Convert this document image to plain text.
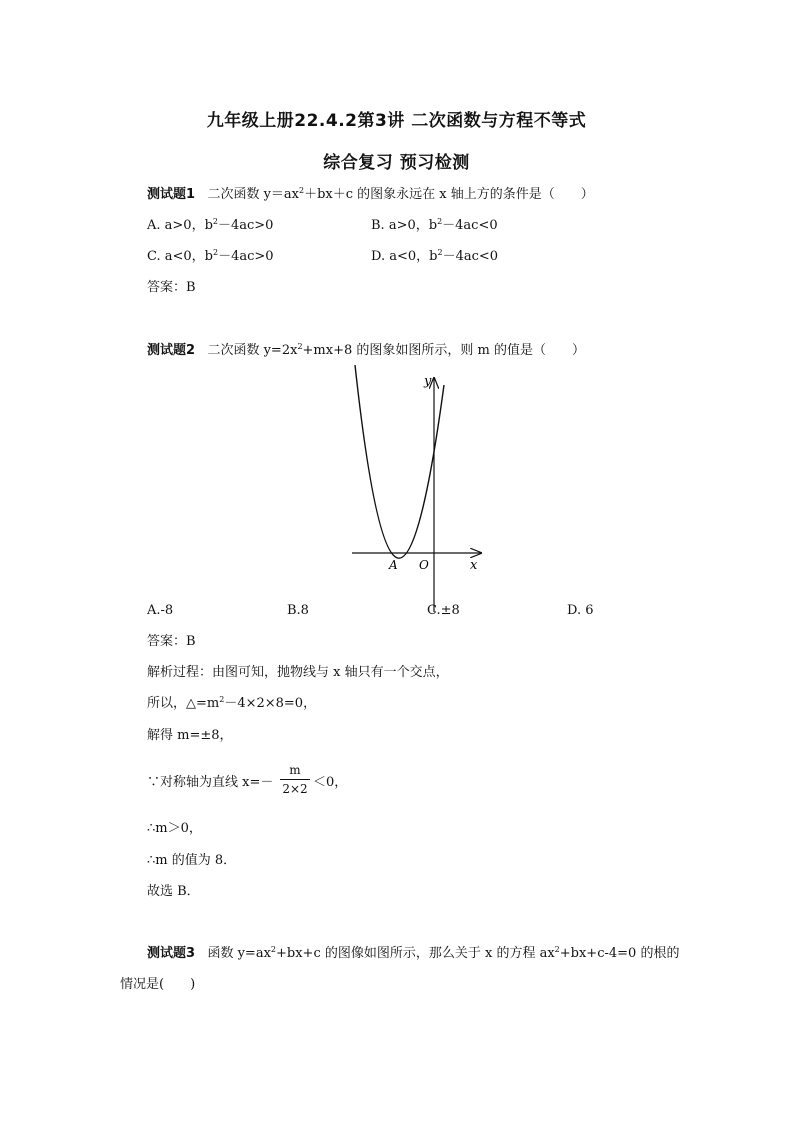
九年级上册22.4.2第3讲 二次函数与方程不等式
综合复习 预习检测
测试题1 二次函数 $y=ax^2+bx+c$ 的图象永远在 x 轴上方的条件是（　　）
A. a>0，$b^2-4ac>0$	B. a>0，$b^2-4ac<0$
C. a<0，$b^2-4ac>0$	D. a<0，$b^2-4ac<0$
答案：B
测试题2 二次函数 $y=2x^2+mx+8$ 的图象如图所示，则 m 的值是（　　）
y
x
A O
A.-8	B.8	C.±8	D. 6
答案：B
解析过程：由图可知，抛物线与 x 轴只有一个交点，
所以，$\triangle=m^2-4\times 2\times 8=0$，
解得 m=±8，
∵对称轴为直线 $x=- \frac{m}{2\times 2} <0$，
∴m＞0，
∴m 的值为 8．
故选 B．
测试题3 函数 $y=ax^2+bx+c$ 的图像如图所示，那么关于 x 的方程 $ax^2+bx+c-4=0$ 的根的
情况是(　　)
